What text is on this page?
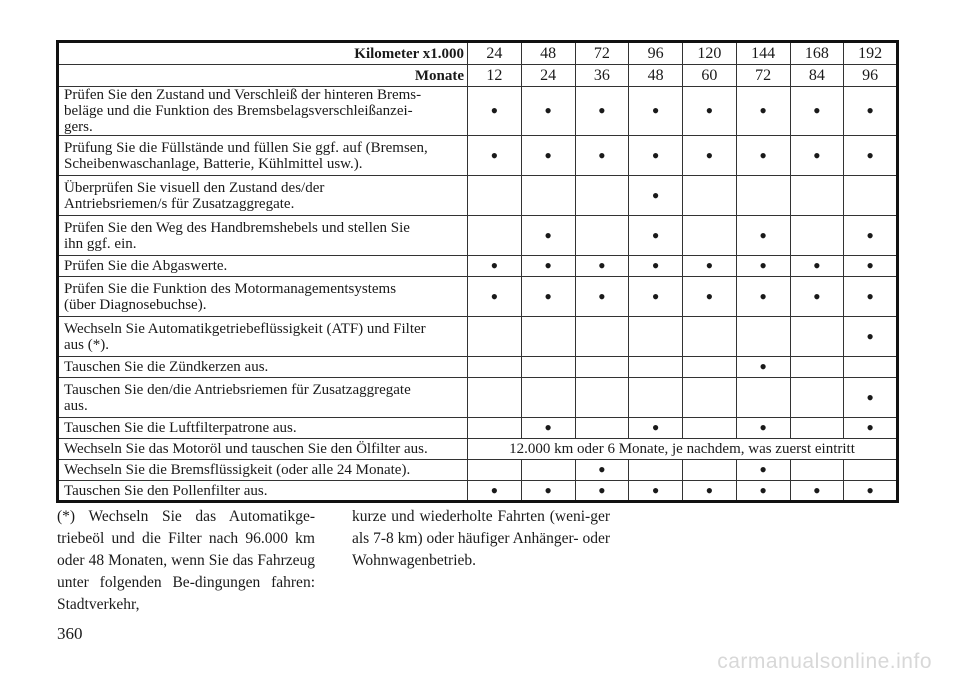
Kilometer x1.000	24	48	72	96	120	144	168	192
Monate	12	24	36	48	60	72	84	96
Prüfen Sie den Zustand und Verschleiß der hinteren Brems-
beläge und die Funktion des Bremsbelagsverschleißanzei-
gers.	•	•	•	•	•	•	•	•
Prüfung Sie die Füllstände und füllen Sie ggf. auf (Bremsen,
Scheibenwaschanlage, Batterie, Kühlmittel usw.).	•	•	•	•	•	•	•	•
Überprüfen Sie visuell den Zustand des/der
Antriebsriemen/s für Zusatzaggregate.				•				
Prüfen Sie den Weg des Handbremshebels und stellen Sie
ihn ggf. ein.		•		•		•		•
Prüfen Sie die Abgaswerte.	•	•	•	•	•	•	•	•
Prüfen Sie die Funktion des Motormanagementsystems
(über Diagnosebuchse).	•	•	•	•	•	•	•	•
Wechseln Sie Automatikgetriebeflüssigkeit (ATF) und Filter
aus (*).								•
Tauschen Sie die Zündkerzen aus.						•		
Tauschen Sie den/die Antriebsriemen für Zusatzaggregate
aus.								•
Tauschen Sie die Luftfilterpatrone aus.		•		•		•		•
Wechseln Sie das Motoröl und tauschen Sie den Ölfilter aus.	12.000 km oder 6 Monate, je nachdem, was zuerst eintritt							
Wechseln Sie die Bremsflüssigkeit (oder alle 24 Monate).			•			•		
Tauschen Sie den Pollenfilter aus.	•	•	•	•	•	•	•	•
(*) Wechseln Sie das Automatikge-triebeöl und die Filter nach 96.000 km oder 48 Monaten, wenn Sie das Fahrzeug unter folgenden Be-dingungen fahren: Stadtverkehr,
kurze und wiederholte Fahrten (weni-ger als 7-8 km) oder häufiger Anhänger- oder Wohnwagenbetrieb.
360
carmanualsonline.info
